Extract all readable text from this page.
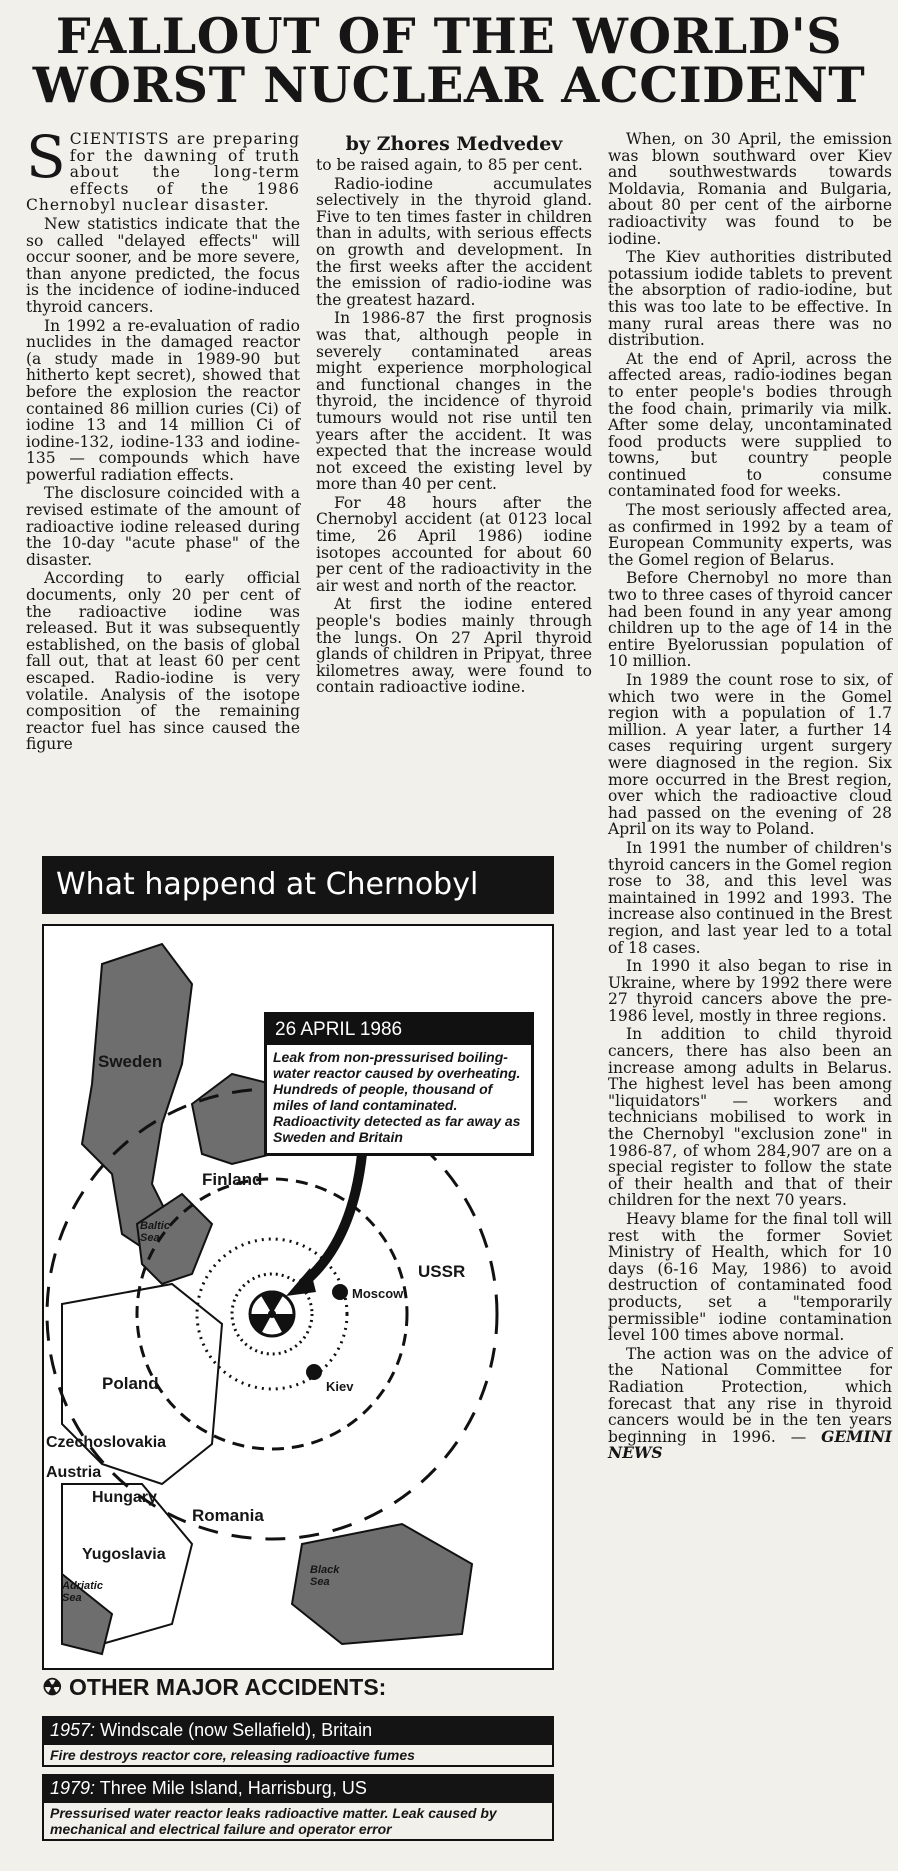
FALLOUT OF THE WORLD'S
WORST NUCLEAR ACCIDENT
by Zhores Medvedev

SCIENTISTS are preparing for the dawning of truth about the long-term effects of the 1986 Chernobyl nuclear disaster.

New statistics indicate that the so called "delayed effects" will occur sooner, and be more severe, than anyone predicted, the focus is the incidence of iodine-induced thyroid cancers.

In 1992 a re-evaluation of radio nuclides in the damaged reactor (a study made in 1989-90 but hitherto kept secret), showed that before the explosion the reactor contained 86 million curies (Ci) of iodine 13 and 14 million Ci of iodine-132, iodine-133 and iodine-135 — compounds which have powerful radiation effects.

The disclosure coincided with a revised estimate of the amount of radioactive iodine released during the 10-day "acute phase" of the disaster.

According to early official documents, only 20 per cent of the radioactive iodine was released. But it was subsequently established, on the basis of global fall out, that at least 60 per cent escaped. Radio-iodine is very volatile. Analysis of the isotope composition of the remaining reactor fuel has since caused the figure

to be raised again, to 85 per cent.

Radio-iodine accumulates selectively in the thyroid gland. Five to ten times faster in children than in adults, with serious effects on growth and development. In the first weeks after the accident the emission of radio-iodine was the greatest hazard.

In 1986-87 the first prognosis was that, although people in severely contaminated areas might experience morphological and functional changes in the thyroid, the incidence of thyroid tumours would not rise until ten years after the accident. It was expected that the increase would not exceed the existing level by more than 40 per cent.

For 48 hours after the Chernobyl accident (at 0123 local time, 26 April 1986) iodine isotopes accounted for about 60 per cent of the radioactivity in the air west and north of the reactor.

At first the iodine entered people's bodies mainly through the lungs. On 27 April thyroid glands of children in Pripyat, three kilometres away, were found to contain radioactive iodine.

When, on 30 April, the emission was blown southward over Kiev and southwestwards towards Moldavia, Romania and Bulgaria, about 80 per cent of the airborne radioactivity was found to be iodine.

The Kiev authorities distributed potassium iodide tablets to prevent the absorption of radio-iodine, but this was too late to be effective. In many rural areas there was no distribution.

At the end of April, across the affected areas, radio-iodines began to enter people's bodies through the food chain, primarily via milk. After some delay, uncontaminated food products were supplied to towns, but country people continued to consume contaminated food for weeks.

The most seriously affected area, as confirmed in 1992 by a team of European Community experts, was the Gomel region of Belarus.

Before Chernobyl no more than two to three cases of thyroid cancer had been found in any year among children up to the age of 14 in the entire Byelorussian population of 10 million.

In 1989 the count rose to six, of which two were in the Gomel region with a population of 1.7 million. A year later, a further 14 cases requiring urgent surgery were diagnosed in the region. Six more occurred in the Brest region, over which the radioactive cloud had passed on the evening of 28 April on its way to Poland.

In 1991 the number of children's thyroid cancers in the Gomel region rose to 38, and this level was maintained in 1992 and 1993. The increase also continued in the Brest region, and last year led to a total of 18 cases.

In 1990 it also began to rise in Ukraine, where by 1992 there were 27 thyroid cancers above the pre-1986 level, mostly in three regions.

In addition to child thyroid cancers, there has also been an increase among adults in Belarus. The highest level has been among "liquidators" — workers and technicians mobilised to work in the Chernobyl "exclusion zone" in 1986-87, of whom 284,907 are on a special register to follow the state of their health and that of their children for the next 70 years.

Heavy blame for the final toll will rest with the former Soviet Ministry of Health, which for 10 days (6-16 May, 1986) to avoid destruction of contaminated food products, set a "temporarily permissible" iodine contamination level 100 times above normal.

The action was on the advice of the National Committee for Radiation Protection, which forecast that any rise in thyroid cancers would be in the ten years beginning in 1996. — GEMINI NEWS

What happend at Chernobyl
26 APRIL 1986
Leak from non-pressurised boiling-water reactor caused by overheating. Hundreds of people, thousand of miles of land contaminated. Radioactivity detected as far away as Sweden and Britain
Sweden
Finland
Baltic Sea
USSR
Moscow
Kiev
Poland
Czechoslovakia
Austria
Hungary
Romania
Yugoslavia
Adriatic Sea
Black Sea
☢ OTHER MAJOR ACCIDENTS:
1957: Windscale (now Sellafield), Britain
Fire destroys reactor core, releasing radioactive fumes
1979: Three Mile Island, Harrisburg, US
Pressurised water reactor leaks radioactive matter. Leak caused by mechanical and electrical failure and operator error
